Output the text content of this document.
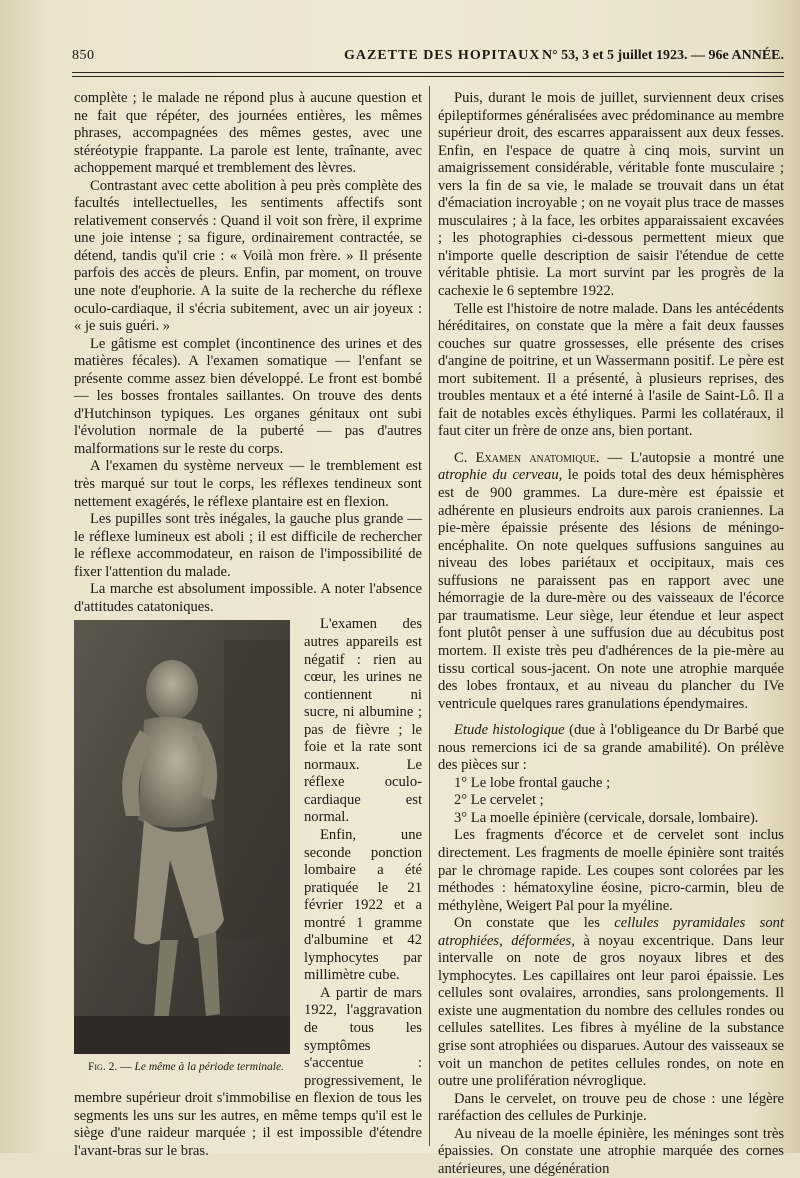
850	GAZETTE DES HOPITAUX N° 53, 3 et 5 juillet 1923. — 96e ANNÉE.

complète ; le malade ne répond plus à aucune question et ne fait que répéter, des journées entières, les mêmes phrases, accompagnées des mêmes gestes, avec une stéréotypie frappante. La parole est lente, traînante, avec achoppement marqué et tremblement des lèvres.

Contrastant avec cette abolition à peu près complète des facultés intellectuelles, les sentiments affectifs sont relativement conservés : Quand il voit son frère, il exprime une joie intense ; sa figure, ordinairement contractée, se détend, tandis qu'il crie : « Voilà mon frère. » Il présente parfois des accès de pleurs. Enfin, par moment, on trouve une note d'euphorie. A la suite de la recherche du réflexe oculo-cardiaque, il s'écria subitement, avec un air joyeux : « je suis guéri. »

Le gâtisme est complet (incontinence des urines et des matières fécales). A l'examen somatique — l'enfant se présente comme assez bien développé. Le front est bombé — les bosses frontales saillantes. On trouve des dents d'Hutchinson typiques. Les organes génitaux ont subi l'évolution normale de la puberté — pas d'autres malformations sur le reste du corps.

A l'examen du système nerveux — le tremblement est très marqué sur tout le corps, les réflexes tendineux sont nettement exagérés, le réflexe plantaire est en flexion.

Les pupilles sont très inégales, la gauche plus grande — le réflexe lumineux est aboli ; il est difficile de rechercher le réflexe accommodateur, en raison de l'impossibilité de fixer l'attention du malade.

La marche est absolument impossible. A noter l'absence d'attitudes catatoniques.

Fig. 2. — Le même à la période terminale.

L'examen des autres appareils est négatif : rien au cœur, les urines ne contiennent ni sucre, ni albumine ; pas de fièvre ; le foie et la rate sont normaux. Le réflexe oculo-cardiaque est normal.

Enfin, une seconde ponction lombaire a été pratiquée le 21 février 1922 et a montré 1 gramme d'albumine et 42 lymphocytes par millimètre cube.

A partir de mars 1922, l'aggravation de tous les symptômes s'accentue : progressivement, le membre supérieur droit s'immobilise en flexion de tous les segments les uns sur les autres, en même temps qu'il est le siège d'une raideur marquée ; il est impossible d'étendre l'avant-bras sur le bras.

Puis, durant le mois de juillet, surviennent deux crises épileptiformes généralisées avec prédominance au membre supérieur droit, des escarres apparaissent aux deux fesses. Enfin, en l'espace de quatre à cinq mois, survint un amaigrissement considérable, véritable fonte musculaire ; vers la fin de sa vie, le malade se trouvait dans un état d'émaciation incroyable ; on ne voyait plus trace de masses musculaires ; à la face, les orbites apparaissaient excavées ; les photographies ci-dessous permettent mieux que n'importe quelle description de saisir l'étendue de cette véritable phtisie. La mort survint par les progrès de la cachexie le 6 septembre 1922.

Telle est l'histoire de notre malade. Dans les antécédents héréditaires, on constate que la mère a fait deux fausses couches sur quatre grossesses, elle présente des crises d'angine de poitrine, et un Wassermann positif. Le père est mort subitement. Il a présenté, à plusieurs reprises, des troubles mentaux et a été interné à l'asile de Saint-Lô. Il a fait de notables excès éthyliques. Parmi les collatéraux, il faut citer un frère de onze ans, bien portant.

C. Examen anatomique. — L'autopsie a montré une atrophie du cerveau, le poids total des deux hémisphères est de 900 grammes. La dure-mère est épaissie et adhérente en plusieurs endroits aux parois craniennes. La pie-mère épaissie présente des lésions de méningo-encéphalite. On note quelques suffusions sanguines au niveau des lobes pariétaux et occipitaux, mais ces suffusions ne paraissent pas en rapport avec une hémorragie de la dure-mère ou des vaisseaux de l'écorce par traumatisme. Leur siège, leur étendue et leur aspect font plutôt penser à une suffusion due au décubitus post mortem. Il existe très peu d'adhérences de la pie-mère au tissu cortical sous-jacent. On note une atrophie marquée des lobes frontaux, et au niveau du plancher du IVe ventricule quelques rares granulations épendymaires.

Etude histologique (due à l'obligeance du Dr Barbé que nous remercions ici de sa grande amabilité). On prélève des pièces sur :

1° Le lobe frontal gauche ;

2° Le cervelet ;

3° La moelle épinière (cervicale, dorsale, lombaire).

Les fragments d'écorce et de cervelet sont inclus directement. Les fragments de moelle épinière sont traités par le chromage rapide. Les coupes sont colorées par les méthodes : hématoxyline éosine, picro-carmin, bleu de méthylène, Weigert Pal pour la myéline.

On constate que les cellules pyramidales sont atrophiées, déformées, à noyau excentrique. Dans leur intervalle on note de gros noyaux libres et des lymphocytes. Les capillaires ont leur paroi épaissie. Les cellules sont ovalaires, arrondies, sans prolongements. Il existe une augmentation du nombre des cellules rondes ou cellules satellites. Les fibres à myéline de la substance grise sont atrophiées ou disparues. Autour des vaisseaux se voit un manchon de petites cellules rondes, on note en outre une prolifération névroglique.

Dans le cervelet, on trouve peu de chose : une légère raréfaction des cellules de Purkinje.

Au niveau de la moelle épinière, les méninges sont très épaissies. On constate une atrophie marquée des cornes antérieures, une dégénération
